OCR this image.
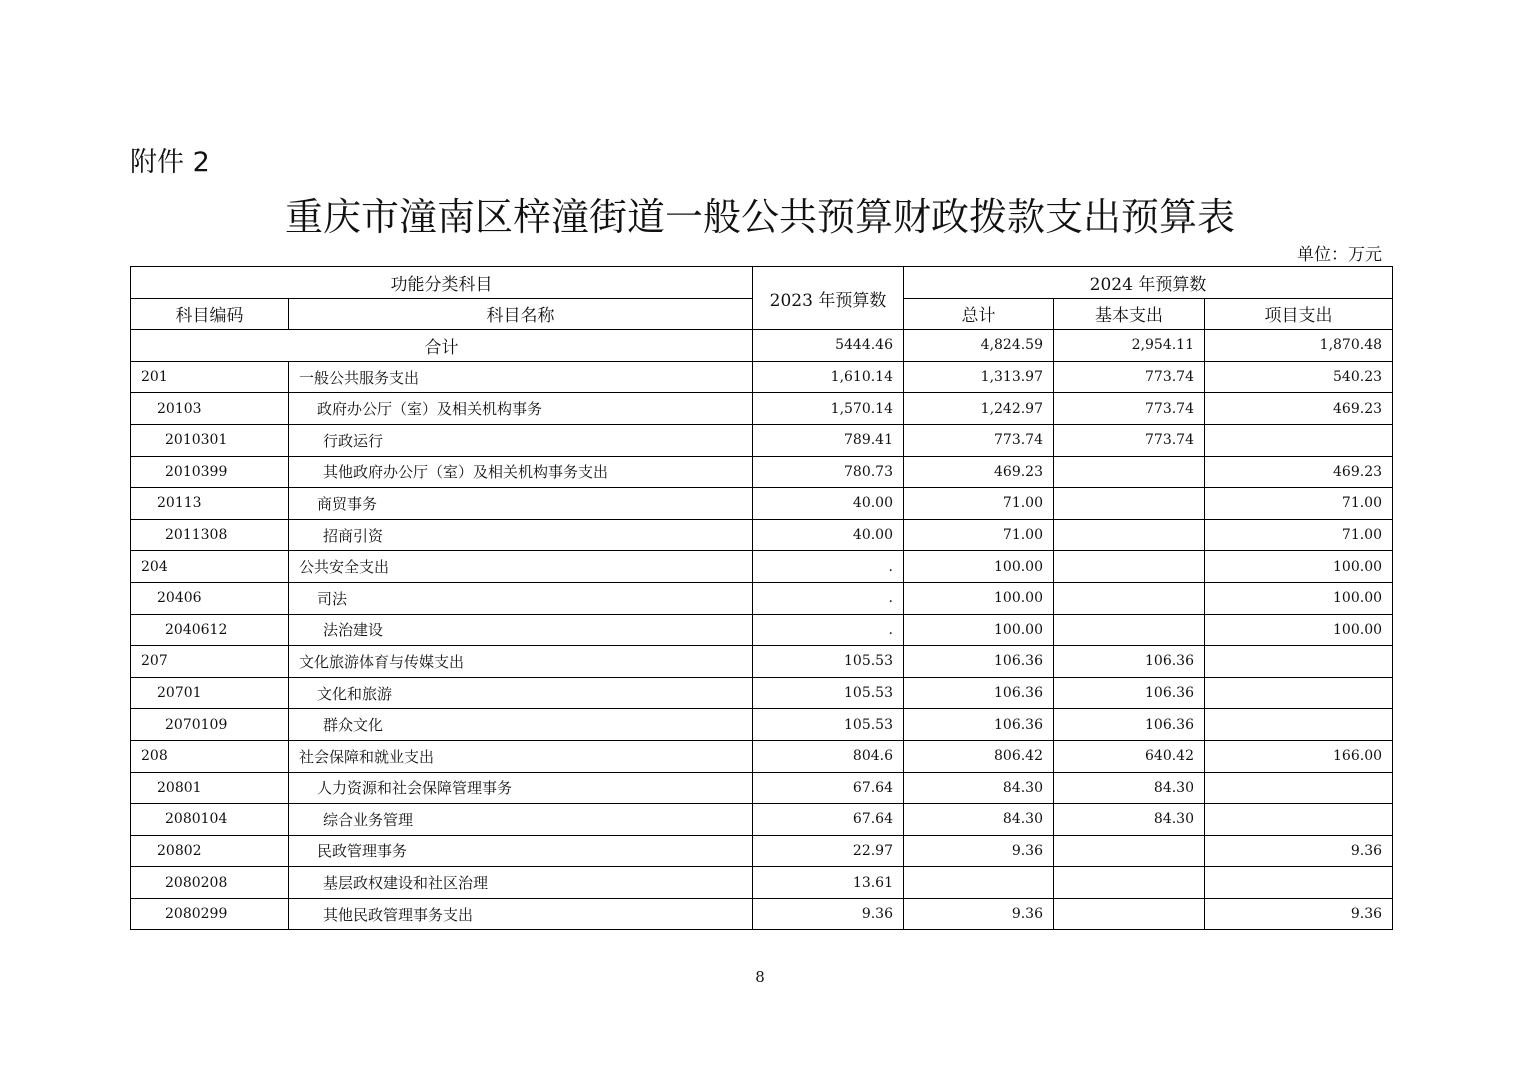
附件 2
重庆市潼南区梓潼街道一般公共预算财政拨款支出预算表
单位：万元
功能分类科目		2023 年预算数	2024 年预算数		
科目编码	科目名称		总计	基本支出	项目支出
合计		5444.46	4,824.59	2,954.11	1,870.48
201	一般公共服务支出	1,610.14	1,313.97	773.74	540.23
20103	政府办公厅（室）及相关机构事务	1,570.14	1,242.97	773.74	469.23
2010301	行政运行	789.41	773.74	773.74	
2010399	其他政府办公厅（室）及相关机构事务支出	780.73	469.23		469.23
20113	商贸事务	40.00	71.00		71.00
2011308	招商引资	40.00	71.00		71.00
204	公共安全支出	.	100.00		100.00
20406	司法	.	100.00		100.00
2040612	法治建设	.	100.00		100.00
207	文化旅游体育与传媒支出	105.53	106.36	106.36	
20701	文化和旅游	105.53	106.36	106.36	
2070109	群众文化	105.53	106.36	106.36	
208	社会保障和就业支出	804.6	806.42	640.42	166.00
20801	人力资源和社会保障管理事务	67.64	84.30	84.30	
2080104	综合业务管理	67.64	84.30	84.30	
20802	民政管理事务	22.97	9.36		9.36
2080208	基层政权建设和社区治理	13.61			
2080299	其他民政管理事务支出	9.36	9.36		9.36
8
